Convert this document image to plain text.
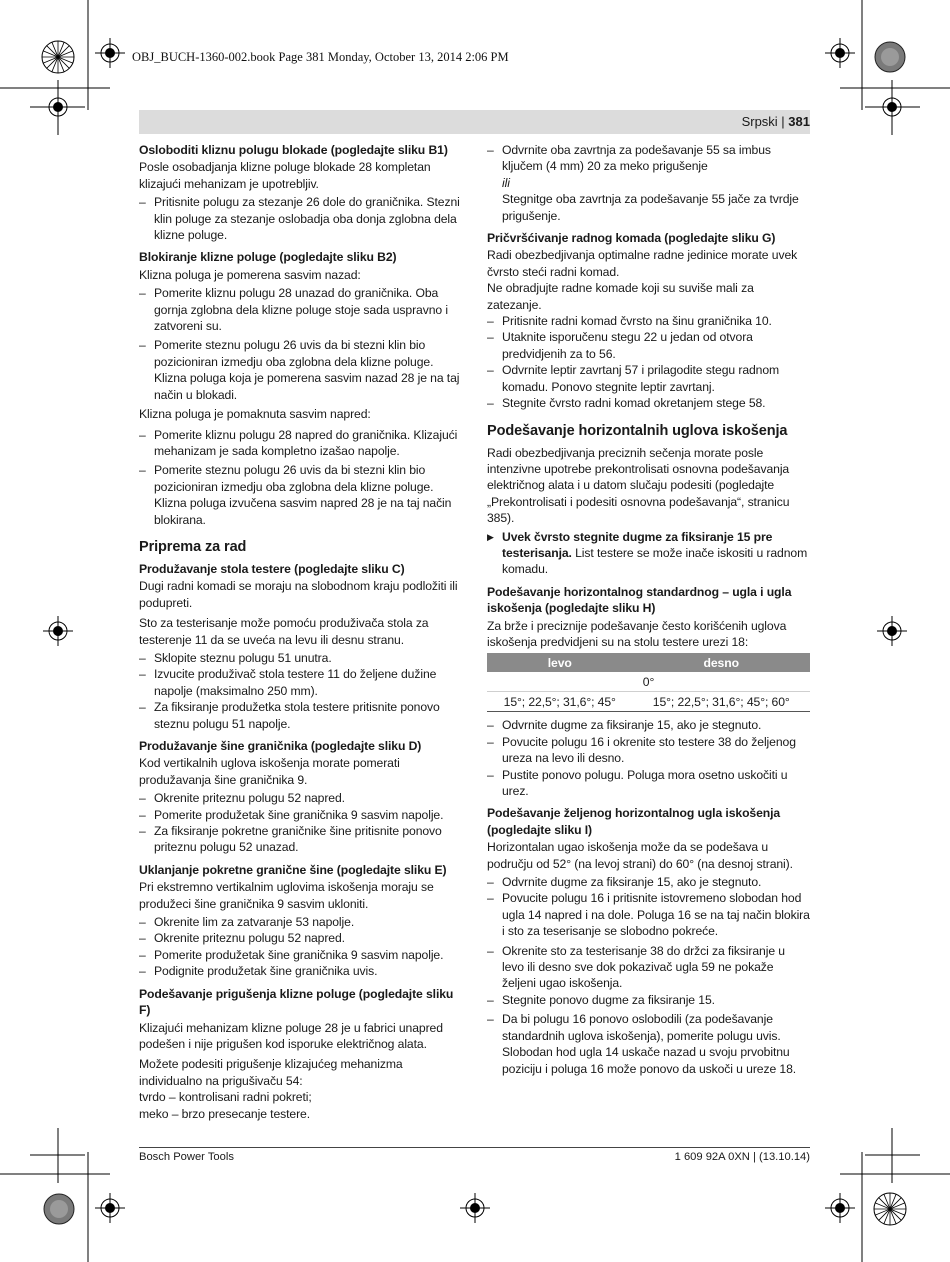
OBJ_BUCH-1360-002.book Page 381 Monday, October 13, 2014 2:06 PM
Srpski | 381
Osloboditi kliznu polugu blokade (pogledajte sliku B1)

Posle osobadjanja klizne poluge blokade 28 kompletan klizajući mehanizam je upotrebljiv.

– Pritisnite polugu za stezanje 26 dole do graničnika. Stezni klin poluge za stezanje oslobadja oba donja zglobna dela klizne poluge.
Blokiranje klizne poluge (pogledajte sliku B2)

Klizna poluga je pomerena sasvim nazad:

– Pomerite kliznu polugu 28 unazad do graničnika. Oba gornja zglobna dela klizne poluge stoje sada uspravno i zatvoreni su.
– Pomerite steznu polugu 26 uvis da bi stezni klin bio pozicioniran izmedju oba zglobna dela klizne poluge. Klizna poluga koja je pomerena sasvim nazad 28 je na taj način u blokadi.

Klizna poluga je pomaknuta sasvim napred:

– Pomerite kliznu polugu 28 napred do graničnika. Klizajući mehanizam je sada kompletno izašao napolje.
– Pomerite steznu polugu 26 uvis da bi stezni klin bio pozicioniran izmedju oba zglobna dela klizne poluge. Klizna poluga izvučena sasvim napred 28 je na taj način blokirana.
Priprema za rad
Produžavanje stola testere (pogledajte sliku C)

Dugi radni komadi se moraju na slobodnom kraju podložiti ili podupreti.

Sto za testerisanje može pomoću produživača stola za testerenje 11 da se uveća na levu ili desnu stranu.

– Sklopite steznu polugu 51 unutra.
– Izvucite produživač stola testere 11 do željene dužine napolje (maksimalno 250 mm).
– Za fiksiranje produžetka stola testere pritisnite ponovo steznu polugu 51 napolje.
Produžavanje šine graničnika (pogledajte sliku D)

Kod vertikalnih uglova iskošenja morate pomerati produžavanja šine graničnika 9.

– Okrenite priteznu polugu 52 napred.
– Pomerite produžetak šine graničnika 9 sasvim napolje.
– Za fiksiranje pokretne graničnike šine pritisnite ponovo priteznu polugu 52 unazad.
Uklanjanje pokretne granične šine (pogledajte sliku E)

Pri ekstremno vertikalnim uglovima iskošenja moraju se produžeci šine graničnika 9 sasvim ukloniti.

– Okrenite lim za zatvaranje 53 napolje.
– Okrenite priteznu polugu 52 napred.
– Pomerite produžetak šine graničnika 9 sasvim napolje.
– Podignite produžetak šine graničnika uvis.
Podešavanje prigušenja klizne poluge (pogledajte sliku F)

Klizajući mehanizam klizne poluge 28 je u fabrici unapred podešen i nije prigušen kod isporuke električnog alata.

Možete podesiti prigušenje klizajućeg mehanizma individualno na prigušivaču 54:

tvrdo – kontrolisani radni pokreti;

meko – brzo presecanje testere.

– Odvrnite oba zavrtnja za podešavanje 55 sa imbus ključem (4 mm) 20 za meko prigušenje
ili
Stegnitge oba zavrtnja za podešavanje 55 jače za tvrdje prigušenje.
Pričvršćivanje radnog komada (pogledajte sliku G)

Radi obezbedjivanja optimalne radne jedinice morate uvek čvrsto steći radni komad.

Ne obradjujte radne komade koji su suviše mali za zatezanje.

– Pritisnite radni komad čvrsto na šinu graničnika 10.
– Utaknite isporučenu stegu 22 u jedan od otvora predvidjenih za to 56.
– Odvrnite leptir zavrtanj 57 i prilagodite stegu radnom komadu. Ponovo stegnite leptir zavrtanj.
– Stegnite čvrsto radni komad okretanjem stege 58.
Podešavanje horizontalnih uglova iskošenja

Radi obezbedjivanja preciznih sečenja morate posle intenzivne upotrebe prekontrolisati osnovna podešavanja električnog alata i u datom slučaju podesiti (pogledajte „Prekontrolisati i podesiti osnovna podešavanja“, stranicu 385).

▶ Uvek čvrsto stegnite dugme za fiksiranje 15 pre testerisanja. List testere se može inače iskositi u radnom komadu.
Podešavanje horizontalnog standardnog – ugla i ugla iskošenja (pogledajte sliku H)

Za brže i preciznije podešavanje često korišćenih uglova iskošenja predvidjeni su na stolu testere urezi 18:

levo	desno
0°	
15°; 22,5°; 31,6°; 45°	15°; 22,5°; 31,6°; 45°; 60°
– Odvrnite dugme za fiksiranje 15, ako je stegnuto.
– Povucite polugu 16 i okrenite sto testere 38 do željenog ureza na levo ili desno.
– Pustite ponovo polugu. Poluga mora osetno uskočiti u urez.
Podešavanje željenog horizontalnog ugla iskošenja (pogledajte sliku I)

Horizontalan ugao iskošenja može da se podešava u području od 52° (na levoj strani) do 60° (na desnoj strani).

– Odvrnite dugme za fiksiranje 15, ako je stegnuto.
– Povucite polugu 16 i pritisnite istovremeno slobodan hod ugla 14 napred i na dole. Poluga 16 se na taj način blokira i sto za teserisanje se slobodno pokreće.
– Okrenite sto za testerisanje 38 do držci za fiksiranje u levo ili desno sve dok pokazivač ugla 59 ne pokaže željeni ugao iskošenja.
– Stegnite ponovo dugme za fiksiranje 15.
– Da bi polugu 16 ponovo oslobodili (za podešavanje standardnih uglova iskošenja), pomerite polugu uvis. Slobodan hod ugla 14 uskače nazad u svoju prvobitnu poziciju i poluga 16 može ponovo da uskoči u ureze 18.
Bosch Power Tools	1 609 92A 0XN | (13.10.14)
